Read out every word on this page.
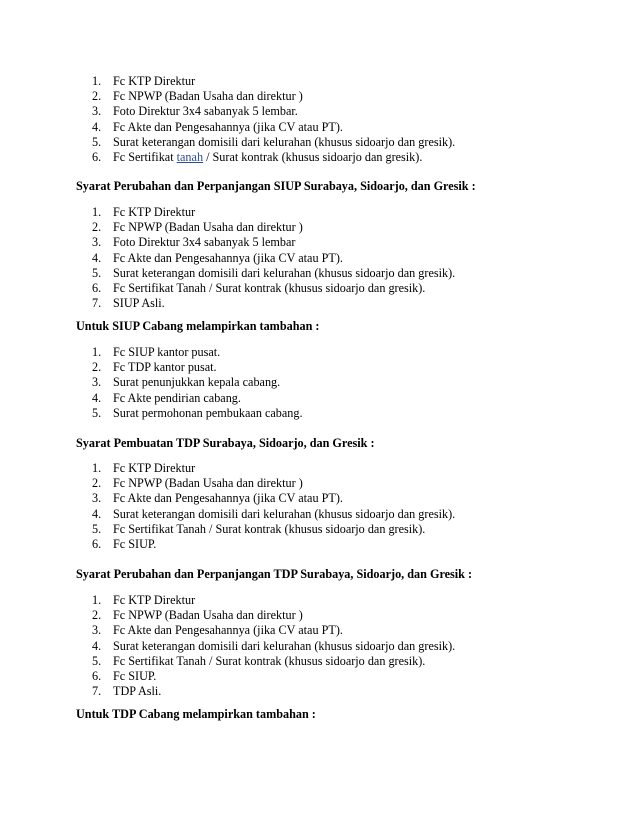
1. Fc KTP Direktur
2. Fc NPWP (Badan Usaha dan direktur )
3. Foto Direktur 3x4 sabanyak 5 lembar.
4. Fc Akte dan Pengesahannya (jika CV atau PT).
5. Surat keterangan domisili dari kelurahan (khusus sidoarjo dan gresik).
6. Fc Sertifikat tanah / Surat kontrak (khusus sidoarjo dan gresik).
Syarat Perubahan dan Perpanjangan SIUP Surabaya, Sidoarjo, dan Gresik :
1. Fc KTP Direktur
2. Fc NPWP (Badan Usaha dan direktur )
3. Foto Direktur 3x4 sabanyak 5 lembar
4. Fc Akte dan Pengesahannya (jika CV atau PT).
5. Surat keterangan domisili dari kelurahan (khusus sidoarjo dan gresik).
6. Fc Sertifikat Tanah / Surat kontrak (khusus sidoarjo dan gresik).
7. SIUP Asli.
Untuk SIUP Cabang melampirkan tambahan :
1. Fc SIUP kantor pusat.
2. Fc TDP kantor pusat.
3. Surat penunjukkan kepala cabang.
4. Fc Akte pendirian cabang.
5. Surat permohonan pembukaan cabang.
Syarat Pembuatan TDP Surabaya, Sidoarjo, dan Gresik :
1. Fc KTP Direktur
2. Fc NPWP (Badan Usaha dan direktur )
3. Fc Akte dan Pengesahannya (jika CV atau PT).
4. Surat keterangan domisili dari kelurahan (khusus sidoarjo dan gresik).
5. Fc Sertifikat Tanah / Surat kontrak (khusus sidoarjo dan gresik).
6. Fc SIUP.
Syarat Perubahan dan Perpanjangan TDP Surabaya, Sidoarjo, dan Gresik :
1. Fc KTP Direktur
2. Fc NPWP (Badan Usaha dan direktur )
3. Fc Akte dan Pengesahannya (jika CV atau PT).
4. Surat keterangan domisili dari kelurahan (khusus sidoarjo dan gresik).
5. Fc Sertifikat Tanah / Surat kontrak (khusus sidoarjo dan gresik).
6. Fc SIUP.
7. TDP Asli.
Untuk TDP Cabang melampirkan tambahan :
